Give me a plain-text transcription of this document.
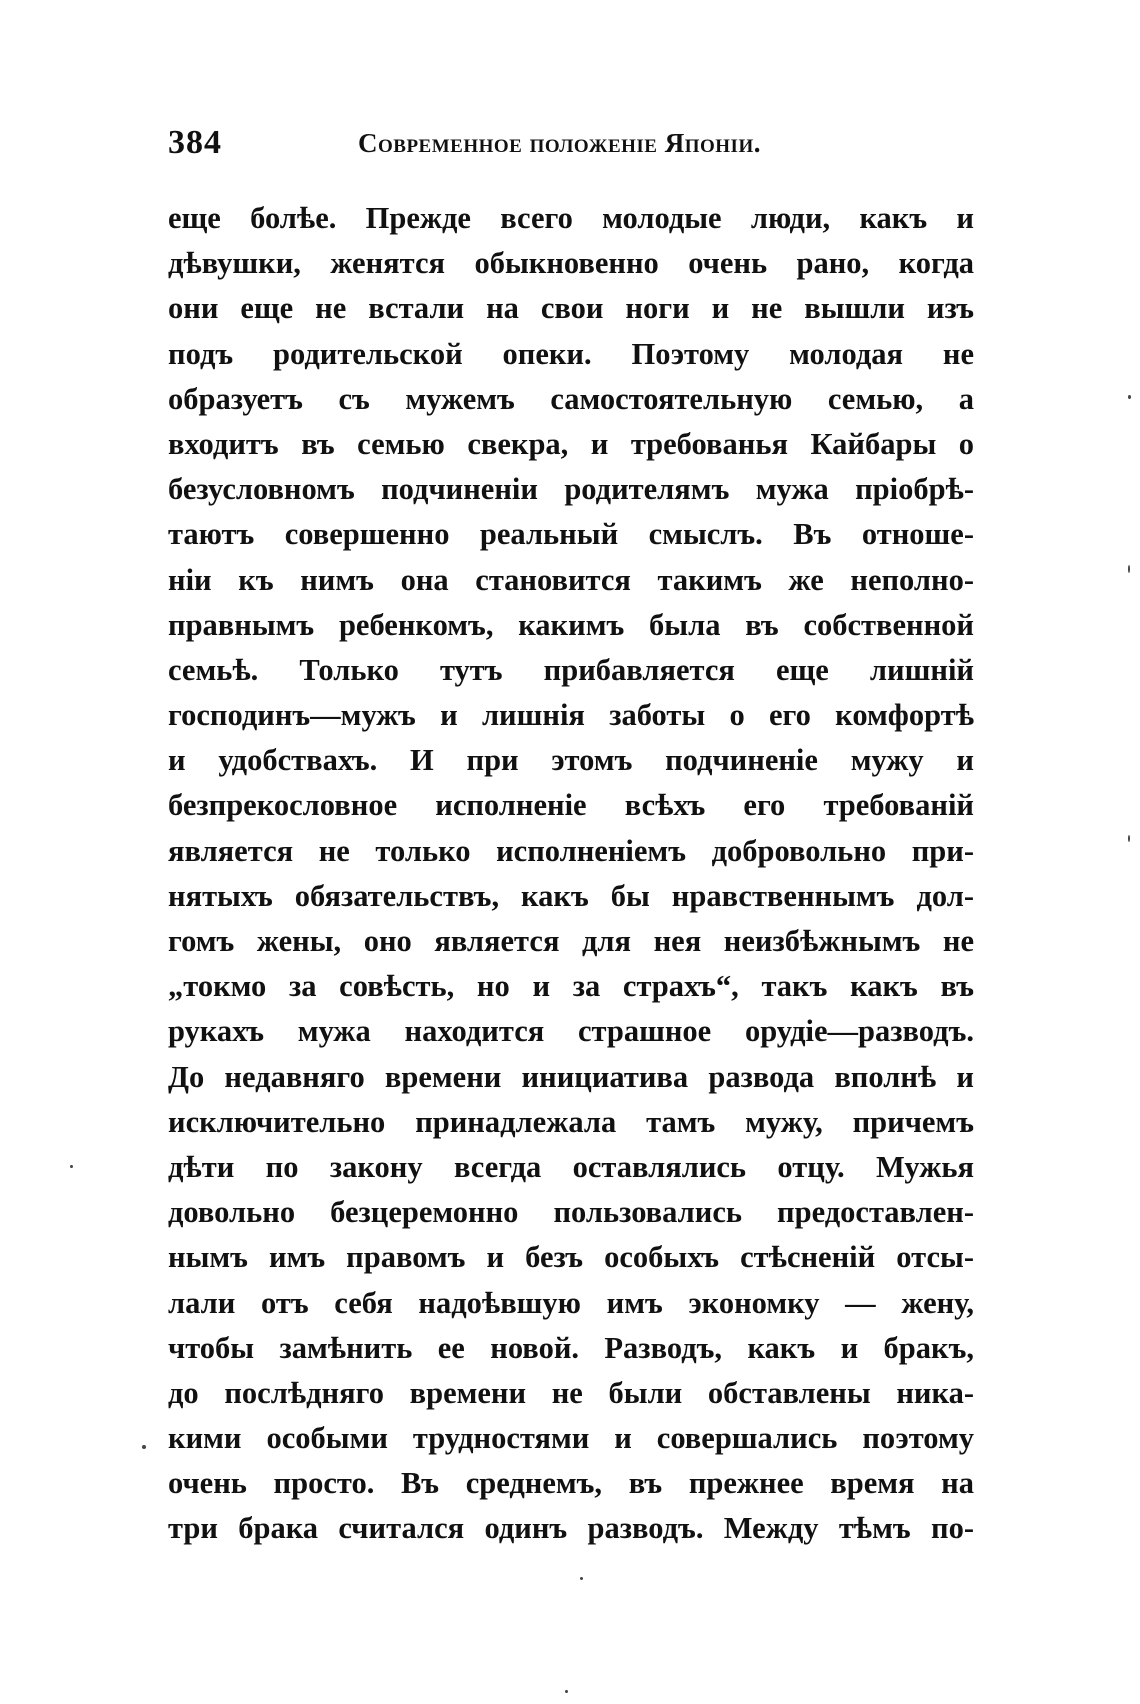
384	Современное положеніе Японіи.
еще болѣе. Прежде всего молодые люди, какъ и
дѣвушки, женятся обыкновенно очень рано, когда
они еще не встали на свои ноги и не вышли изъ
подъ родительской опеки. Поэтому молодая не
образуетъ съ мужемъ самостоятельную семью, а
входитъ въ семью свекра, и требованья Кайбары о
безусловномъ подчиненіи родителямъ мужа пріобрѣ-
таютъ совершенно реальный смыслъ. Въ отноше-
ніи къ нимъ она становится такимъ же неполно-
правнымъ ребенкомъ, какимъ была въ собственной
семьѣ. Только тутъ прибавляется еще лишній
господинъ—мужъ и лишнія заботы о его комфортѣ
и удобствахъ. И при этомъ подчиненіе мужу и
безпрекословное исполненіе всѣхъ его требованій
является не только исполненіемъ добровольно при-
нятыхъ обязательствъ, какъ бы нравственнымъ дол-
гомъ жены, оно является для нея неизбѣжнымъ не
„токмо за совѣсть, но и за страхъ“, такъ какъ въ
рукахъ мужа находится страшное орудіе—разводъ.
До недавняго времени инициатива развода вполнѣ и
исключительно принадлежала тамъ мужу, причемъ
дѣти по закону всегда оставлялись отцу. Мужья
довольно безцеремонно пользовались предоставлен-
нымъ имъ правомъ и безъ особыхъ стѣсненій отсы-
лали отъ себя надоѣвшую имъ экономку — жену,
чтобы замѣнить ее новой. Разводъ, какъ и бракъ,
до послѣдняго времени не были обставлены ника-
кими особыми трудностями и совершались поэтому
очень просто. Въ среднемъ, въ прежнее время на
три брака считался одинъ разводъ. Между тѣмъ по-
